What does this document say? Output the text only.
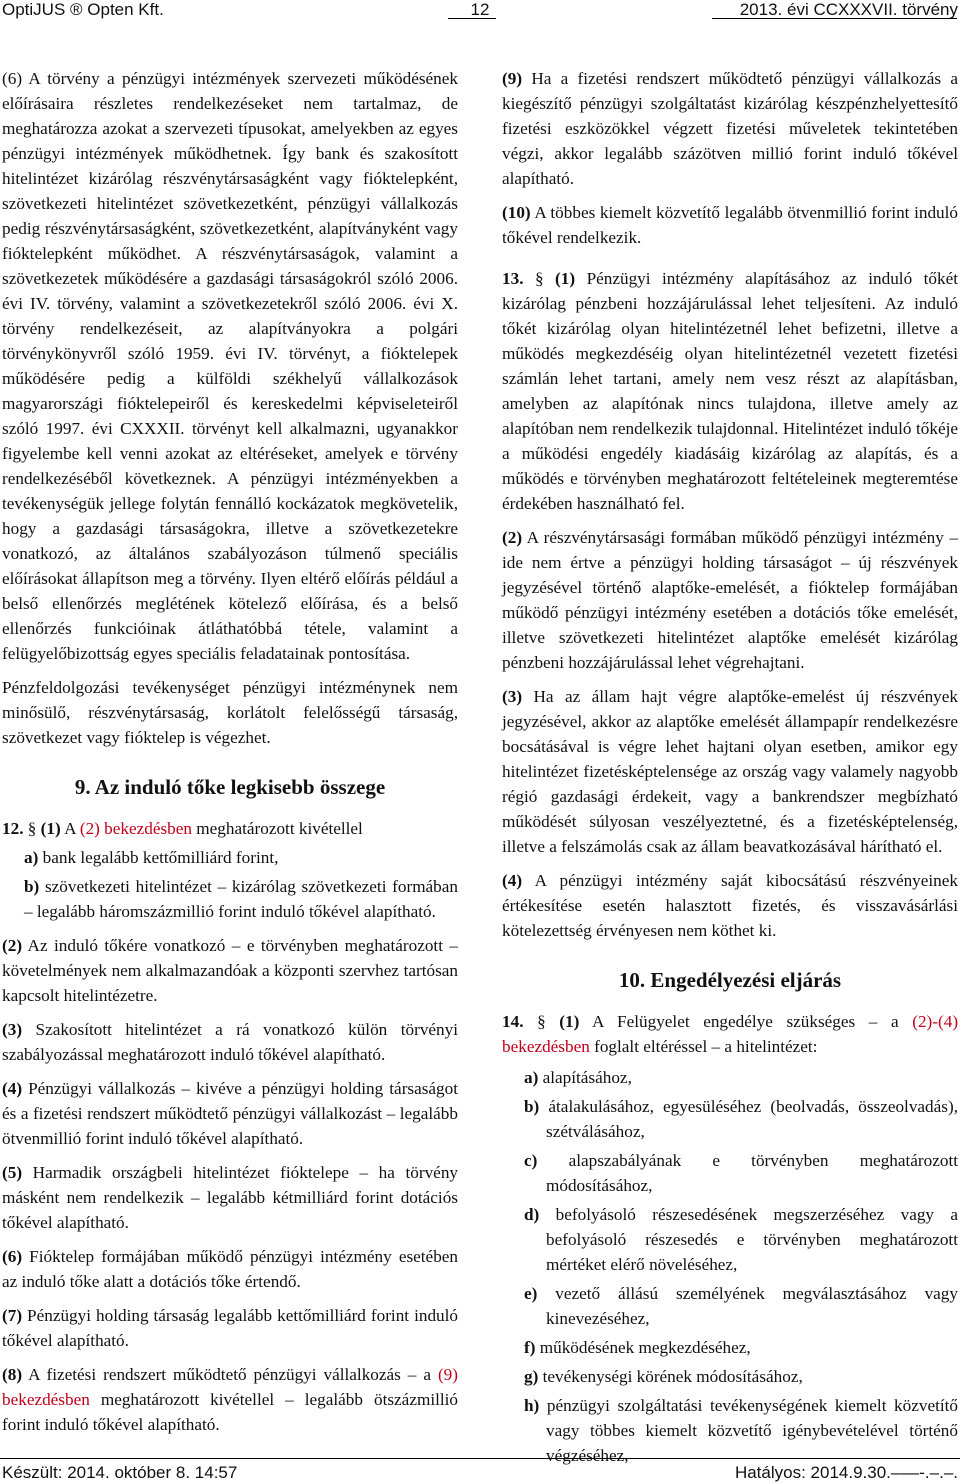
OptiJUS ® Opten Kft.	12	2013. évi CCXXXVII. törvény

(6) A törvény a pénzügyi intézmények szervezeti működésének előírásaira részletes rendelkezéseket nem tartalmaz, de meghatározza azokat a szervezeti típusokat, amelyekben az egyes pénzügyi intézmények működhetnek. Így bank és szakosított hitelintézet kizárólag részvénytársaságként vagy fióktelepként, szövetkezeti hitelintézet szövetkezetként, pénzügyi vállalkozás pedig részvénytársaságként, szövetkezetként, alapítványként vagy fióktelepként működhet. A részvénytársaságok, valamint a szövetkezetek működésére a gazdasági társaságokról szóló 2006. évi IV. törvény, valamint a szövetkezetekről szóló 2006. évi X. törvény rendelkezéseit, az alapítványokra a polgári törvénykönyvről szóló 1959. évi IV. törvényt, a fióktelepek működésére pedig a külföldi székhelyű vállalkozások magyarországi fióktelepeiről és kereskedelmi képviseleteiről szóló 1997. évi CXXXII. törvényt kell alkalmazni, ugyanakkor figyelembe kell venni azokat az eltéréseket, amelyek e törvény rendelkezéséből következnek. A pénzügyi intézményekben a tevékenységük jellege folytán fennálló kockázatok megkövetelik, hogy a gazdasági társaságokra, illetve a szövetkezetekre vonatkozó, az általános szabályozáson túlmenő speciális előírásokat állapítson meg a törvény. Ilyen eltérő előírás például a belső ellenőrzés meglétének kötelező előírása, és a belső ellenőrzés funkcióinak átláthatóbbá tétele, valamint a felügyelőbizottság egyes speciális feladatainak pontosítása.

Pénzfeldolgozási tevékenységet pénzügyi intézménynek nem minősülő, részvénytársaság, korlátolt felelősségű társaság, szövetkezet vagy fióktelep is végezhet.

9. Az induló tőke legkisebb összege

12. § (1) A (2) bekezdésben meghatározott kivétellel

a) bank legalább kettőmilliárd forint,

b) szövetkezeti hitelintézet – kizárólag szövetkezeti formában – legalább háromszázmillió forint induló tőkével alapítható.

(2) Az induló tőkére vonatkozó – e törvényben meghatározott – követelmények nem alkalmazandóak a központi szervhez tartósan kapcsolt hitelintézetre.

(3) Szakosított hitelintézet a rá vonatkozó külön törvényi szabályozással meghatározott induló tőkével alapítható.

(4) Pénzügyi vállalkozás – kivéve a pénzügyi holding társaságot és a fizetési rendszert működtető pénzügyi vállalkozást – legalább ötvenmillió forint induló tőkével alapítható.

(5) Harmadik országbeli hitelintézet fióktelepe – ha törvény másként nem rendelkezik – legalább kétmilliárd forint dotációs tőkével alapítható.

(6) Fióktelep formájában működő pénzügyi intézmény esetében az induló tőke alatt a dotációs tőke értendő.

(7) Pénzügyi holding társaság legalább kettőmilliárd forint induló tőkével alapítható.

(8) A fizetési rendszert működtető pénzügyi vállalkozás – a (9) bekezdésben meghatározott kivétellel – legalább ötszázmillió forint induló tőkével alapítható.

(9) Ha a fizetési rendszert működtető pénzügyi vállalkozás a kiegészítő pénzügyi szolgáltatást kizárólag készpénzhelyettesítő fizetési eszközökkel végzett fizetési műveletek tekintetében végzi, akkor legalább százötven millió forint induló tőkével alapítható.

(10) A többes kiemelt közvetítő legalább ötvenmillió forint induló tőkével rendelkezik.

13. § (1) Pénzügyi intézmény alapításához az induló tőkét kizárólag pénzbeni hozzájárulással lehet teljesíteni. Az induló tőkét kizárólag olyan hitelintézetnél lehet befizetni, illetve a működés megkezdéséig olyan hitelintézetnél vezetett fizetési számlán lehet tartani, amely nem vesz részt az alapításban, amelyben az alapítónak nincs tulajdona, illetve amely az alapítóban nem rendelkezik tulajdonnal. Hitelintézet induló tőkéje a működési engedély kiadásáig kizárólag az alapítás, és a működés e törvényben meghatározott feltételeinek megteremtése érdekében használható fel.

(2) A részvénytársasági formában működő pénzügyi intézmény – ide nem értve a pénzügyi holding társaságot – új részvények jegyzésével történő alaptőke-emelését, a fióktelep formájában működő pénzügyi intézmény esetében a dotációs tőke emelését, illetve szövetkezeti hitelintézet alaptőke emelését kizárólag pénzbeni hozzájárulással lehet végrehajtani.

(3) Ha az állam hajt végre alaptőke-emelést új részvények jegyzésével, akkor az alaptőke emelését állampapír rendelkezésre bocsátásával is végre lehet hajtani olyan esetben, amikor egy hitelintézet fizetésképtelensége az ország vagy valamely nagyobb régió gazdasági érdekeit, vagy a bankrendszer megbízható működését súlyosan veszélyeztetné, és a fizetésképtelenség, illetve a felszámolás csak az állam beavatkozásával hárítható el.

(4) A pénzügyi intézmény saját kibocsátású részvényeinek értékesítése esetén halasztott fizetés, és visszavásárlási kötelezettség érvényesen nem köthet ki.

10. Engedélyezési eljárás

14. § (1) A Felügyelet engedélye szükséges – a (2)-(4) bekezdésben foglalt eltéréssel – a hitelintézet:

a) alapításához,

b) átalakulásához, egyesüléséhez (beolvadás, összeolvadás), szétválásához,

c) alapszabályának e törvényben meghatározott módosításához,

d) befolyásoló részesedésének megszerzéséhez vagy a befolyásoló részesedés e törvényben meghatározott mértéket elérő növeléséhez,

e) vezető állású személyének megválasztásához vagy kinevezéséhez,

f) működésének megkezdéséhez,

g) tevékenységi körének módosításához,

h) pénzügyi szolgáltatási tevékenységének kiemelt közvetítő vagy többes kiemelt közvetítő igénybevételével történő végzéséhez,

Készült: 2014. október 8. 14:57	Hatályos: 2014.9.30.–––-.–.–.
